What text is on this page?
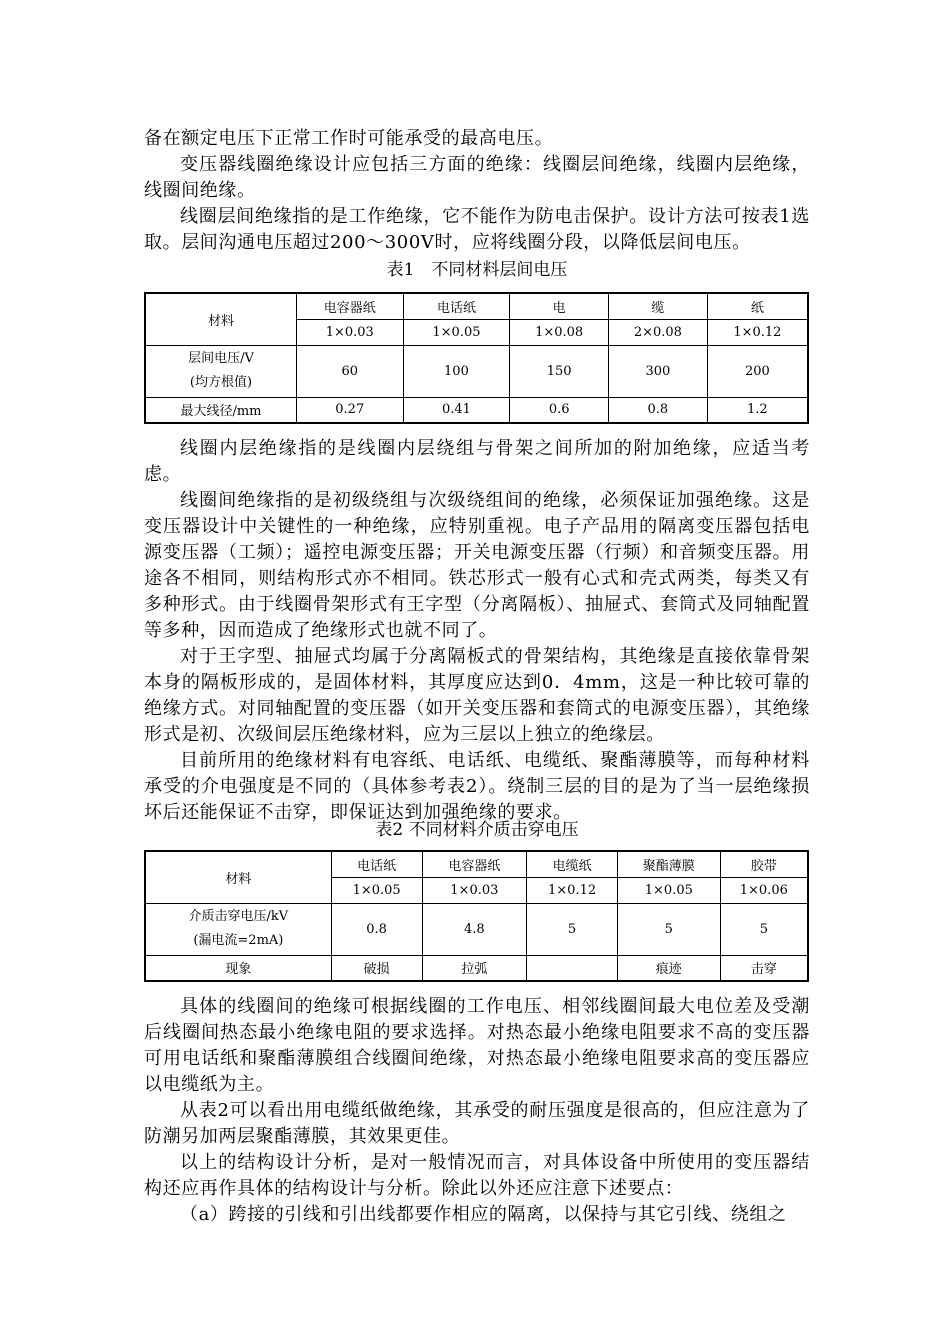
备在额定电压下正常工作时可能承受的最高电压。

变压器线圈绝缘设计应包括三方面的绝缘：线圈层间绝缘，线圈内层绝缘，线圈间绝缘。

线圈层间绝缘指的是工作绝缘，它不能作为防电击保护。设计方法可按表1选取。层间沟通电压超过200～300V时，应将线圈分段，以降低层间电压。

表1　不同材料层间电压
材料	电容器纸	电话纸	电	缆	纸
	1×0.03	1×0.05	1×0.08	2×0.08	1×0.12

层间电压/V
(均方根值)	60	100	150	300	200
最大线径/mm	0.27	0.41	0.6	0.8	1.2

线圈内层绝缘指的是线圈内层绕组与骨架之间所加的附加绝缘，应适当考虑。

线圈间绝缘指的是初级绕组与次级绕组间的绝缘，必须保证加强绝缘。这是变压器设计中关键性的一种绝缘，应特别重视。电子产品用的隔离变压器包括电源变压器（工频）；遥控电源变压器；开关电源变压器（行频）和音频变压器。用途各不相同，则结构形式亦不相同。铁芯形式一般有心式和壳式两类，每类又有多种形式。由于线圈骨架形式有王字型（分离隔板）、抽屉式、套筒式及同轴配置等多种，因而造成了绝缘形式也就不同了。

对于王字型、抽屉式均属于分离隔板式的骨架结构，其绝缘是直接依靠骨架本身的隔板形成的，是固体材料，其厚度应达到0．4mm，这是一种比较可靠的绝缘方式。对同轴配置的变压器（如开关变压器和套筒式的电源变压器），其绝缘形式是初、次级间层压绝缘材料，应为三层以上独立的绝缘层。

目前所用的绝缘材料有电容纸、电话纸、电缆纸、聚酯薄膜等，而每种材料承受的介电强度是不同的（具体参考表2）。绕制三层的目的是为了当一层绝缘损坏后还能保证不击穿，即保证达到加强绝缘的要求。

表2 不同材料介质击穿电压
材料	电话纸	电容器纸	电缆纸	聚酯薄膜	胶带
	1×0.05	1×0.03	1×0.12	1×0.05	1×0.06

介质击穿电压/kV
(漏电流=2mA)	0.8	4.8	5	5	5
现象	破损	拉弧		痕迹	击穿

具体的线圈间的绝缘可根据线圈的工作电压、相邻线圈间最大电位差及受潮后线圈间热态最小绝缘电阻的要求选择。对热态最小绝缘电阻要求不高的变压器可用电话纸和聚酯薄膜组合线圈间绝缘，对热态最小绝缘电阻要求高的变压器应以电缆纸为主。

从表2可以看出用电缆纸做绝缘，其承受的耐压强度是很高的，但应注意为了防潮另加两层聚酯薄膜，其效果更佳。

以上的结构设计分析，是对一般情况而言，对具体设备中所使用的变压器结构还应再作具体的结构设计与分析。除此以外还应注意下述要点：

（a）跨接的引线和引出线都要作相应的隔离，以保持与其它引线、绕组之
